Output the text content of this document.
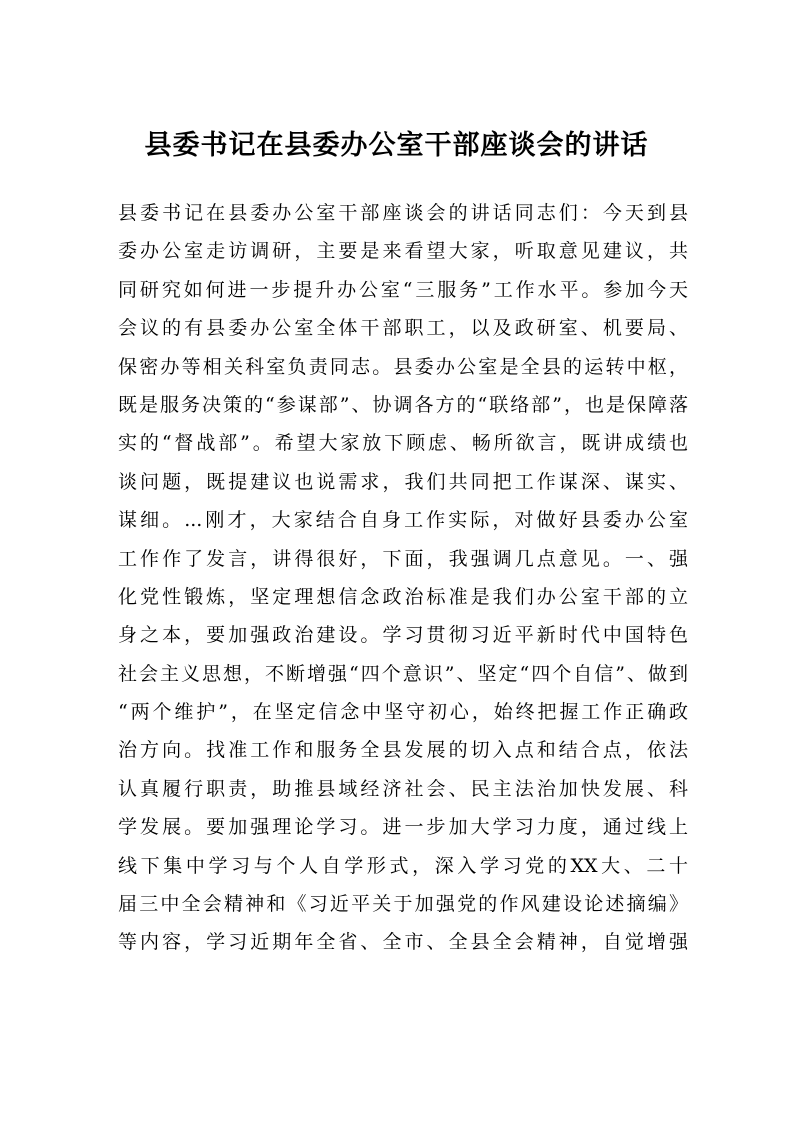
县委书记在县委办公室干部座谈会的讲话
县委书记在县委办公室干部座谈会的讲话同志们：今天到县
委办公室走访调研，主要是来看望大家，听取意见建议，共
同研究如何进一步提升办公室“三服务”工作水平。参加今天
会议的有县委办公室全体干部职工，以及政研室、机要局、
保密办等相关科室负责同志。县委办公室是全县的运转中枢，
既是服务决策的“参谋部”、协调各方的“联络部”，也是保障落
实的“督战部”。希望大家放下顾虑、畅所欲言，既讲成绩也
谈问题，既提建议也说需求，我们共同把工作谋深、谋实、
谋细。...刚才，大家结合自身工作实际，对做好县委办公室
工作作了发言，讲得很好，下面，我强调几点意见。一、强
化党性锻炼，坚定理想信念政治标准是我们办公室干部的立
身之本，要加强政治建设。学习贯彻习近平新时代中国特色
社会主义思想，不断增强“四个意识”、坚定“四个自信”、做到
“两个维护”，在坚定信念中坚守初心，始终把握工作正确政
治方向。找准工作和服务全县发展的切入点和结合点，依法
认真履行职责，助推县域经济社会、民主法治加快发展、科
学发展。要加强理论学习。进一步加大学习力度，通过线上
线下集中学习与个人自学形式，深入学习党的XX大、二十
届三中全会精神和《习近平关于加强党的作风建设论述摘编》
等内容，学习近期年全省、全市、全县全会精神，自觉增强
